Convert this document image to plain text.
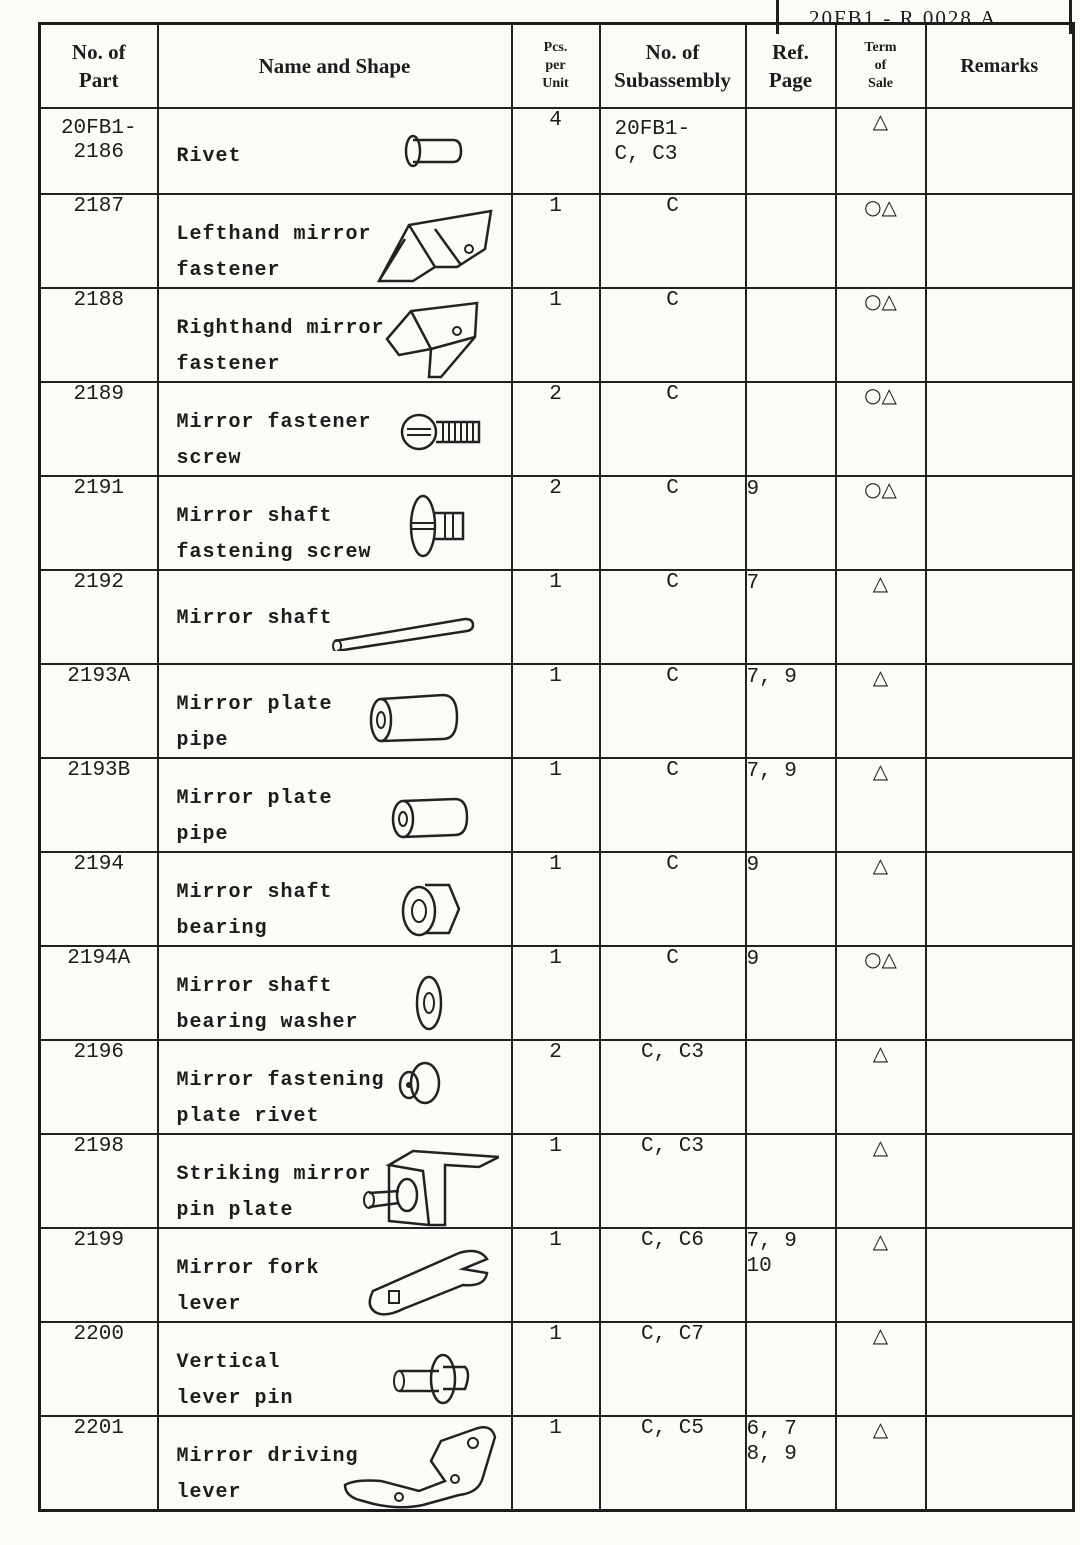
20FB1 - R.0028.A
No. of
Part	Name and Shape	Pcs.
per
Unit	No. of
Subassembly	Ref.
Page	Term
of
Sale	Remarks
20FB1-
2186	Rivet	4	20FB1-
C, C3		△	
2187	Lefthand mirror
fastener	1	C		○△	
2188	Righthand mirror
fastener	1	C		○△	
2189	Mirror fastener
screw	2	C		○△	
2191	Mirror shaft
fastening screw	2	C	9	○△	
2192	Mirror shaft	1	C	7	△	
2193A	Mirror plate
pipe	1	C	7, 9	△	
2193B	Mirror plate
pipe	1	C	7, 9	△	
2194	Mirror shaft
bearing	1	C	9	△	
2194A	Mirror shaft
bearing washer	1	C	9	○△	
2196	Mirror fastening
plate rivet	2	C, C3		△	
2198	Striking mirror
pin plate	1	C, C3		△	
2199	Mirror fork
lever	1	C, C6	7, 9
10	△	
2200	Vertical
lever pin	1	C, C7		△	
2201	Mirror driving
lever	1	C, C5	6, 7
8, 9	△	
